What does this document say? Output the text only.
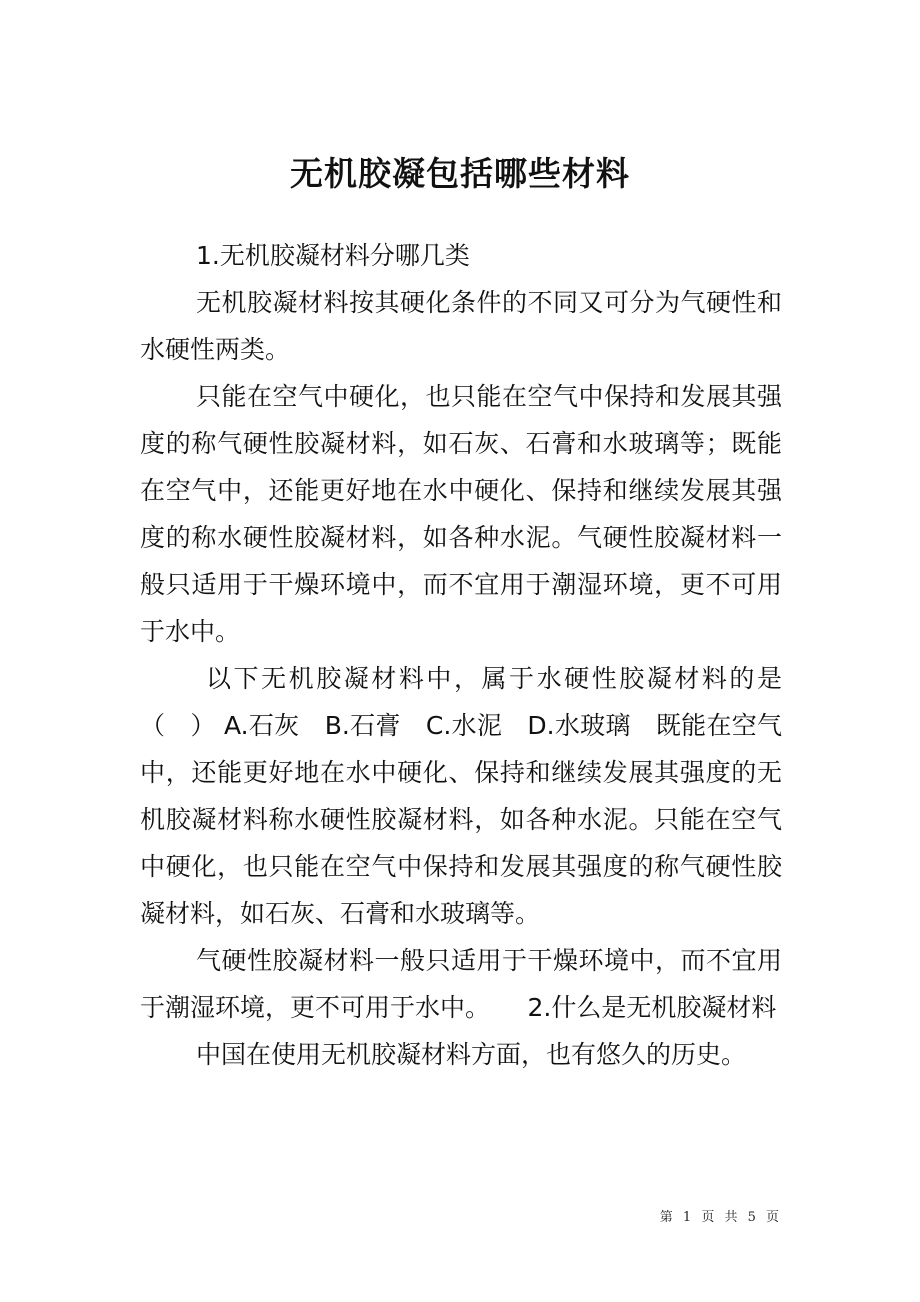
无机胶凝包括哪些材料

1.无机胶凝材料分哪几类

无机胶凝材料按其硬化条件的不同又可分为气硬性和水硬性两类。

只能在空气中硬化，也只能在空气中保持和发展其强度的称气硬性胶凝材料，如石灰、石膏和水玻璃等；既能在空气中，还能更好地在水中硬化、保持和继续发展其强度的称水硬性胶凝材料，如各种水泥。气硬性胶凝材料一般只适用于干燥环境中，而不宜用于潮湿环境，更不可用于水中。

以下无机胶凝材料中，属于水硬性胶凝材料的是（　） A.石灰　B.石膏　C.水泥　D.水玻璃　既能在空气中，还能更好地在水中硬化、保持和继续发展其强度的无机胶凝材料称水硬性胶凝材料，如各种水泥。只能在空气中硬化，也只能在空气中保持和发展其强度的称气硬性胶凝材料，如石灰、石膏和水玻璃等。

气硬性胶凝材料一般只适用于干燥环境中，而不宜用于潮湿环境，更不可用于水中。　　2.什么是无机胶凝材料

中国在使用无机胶凝材料方面，也有悠久的历史。

第 1 页 共 5 页
